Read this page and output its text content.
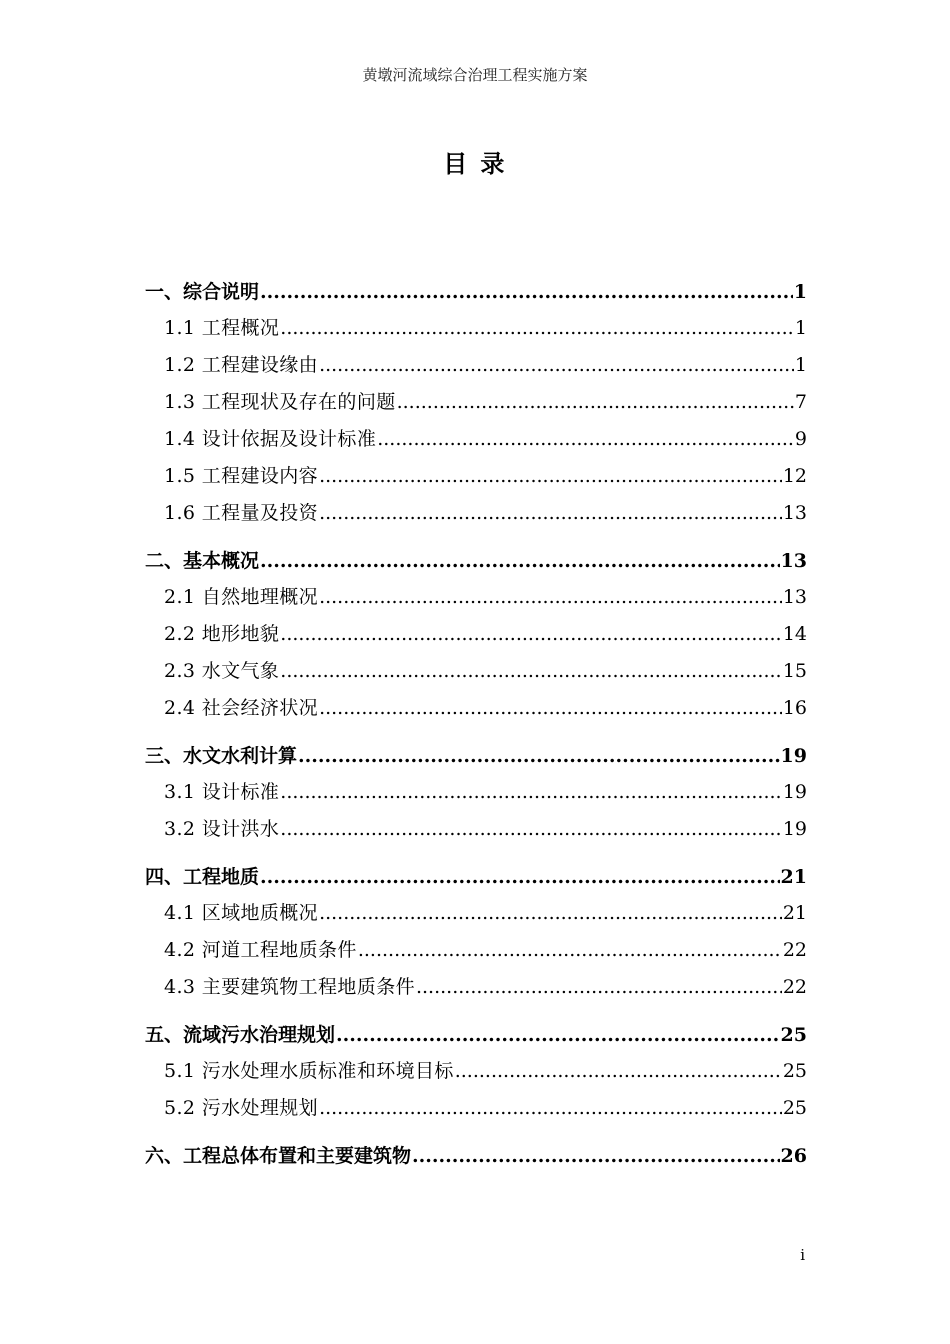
黄墩河流域综合治理工程实施方案
目 录
一、综合说明 .....	1
1.1 工程概况 .....	1
1.2 工程建设缘由 .....	1
1.3 工程现状及存在的问题 .....	7
1.4 设计依据及设计标准 .....	9
1.5 工程建设内容 .....	12
1.6 工程量及投资 .....	13
二、基本概况 .....	13
2.1 自然地理概况 .....	13
2.2 地形地貌 .....	14
2.3 水文气象 .....	15
2.4 社会经济状况 .....	16
三、水文水利计算 .....	19
3.1 设计标准 .....	19
3.2 设计洪水 .....	19
四、工程地质 .....	21
4.1 区域地质概况 .....	21
4.2 河道工程地质条件 .....	22
4.3 主要建筑物工程地质条件 .....	22
五、流域污水治理规划 .....	25
5.1 污水处理水质标准和环境目标 .....	25
5.2 污水处理规划 .....	25
六、工程总体布置和主要建筑物 .....	26
i
